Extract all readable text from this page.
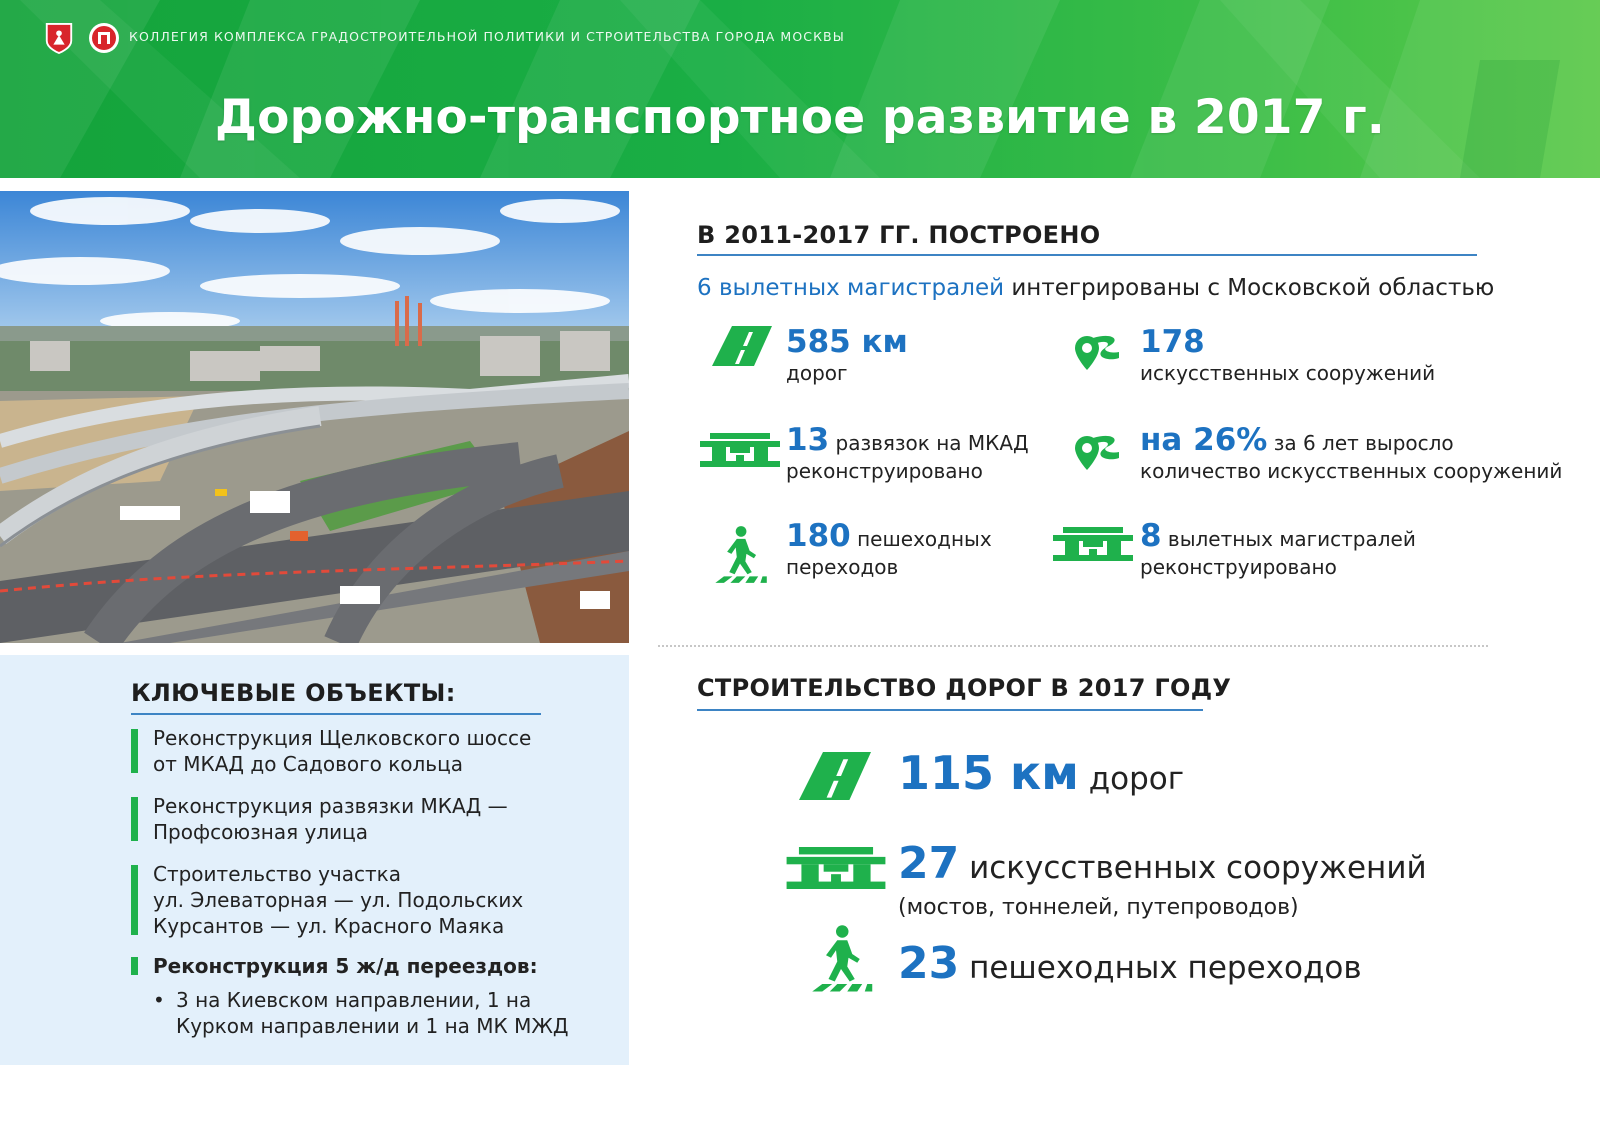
КОЛЛЕГИЯ КОМПЛЕКСА ГРАДОСТРОИТЕЛЬНОЙ ПОЛИТИКИ И СТРОИТЕЛЬСТВА ГОРОДА МОСКВЫ
Дорожно-транспортное развитие в 2017 г.
В 2011-2017 ГГ. ПОСТРОЕНО
6 вылетных магистралей интегрированы с Московской областью
585 км
дорог
178
искусственных сооружений
13 развязок на МКАД
реконструировано
на 26% за 6 лет выросло
количество искусственных сооружений
180 пешеходных
переходов
8 вылетных магистралей
реконструировано
СТРОИТЕЛЬСТВО ДОРОГ В 2017 ГОДУ
115 км дорог
27 искусственных сооружений
(мостов, тоннелей, путепроводов)
23 пешеходных переходов
КЛЮЧЕВЫЕ ОБЪЕКТЫ:
Реконструкция Щелковского шоссе
от МКАД до Садового кольца
Реконструкция развязки МКАД —
Профсоюзная улица
Строительство участка
ул. Элеваторная — ул. Подольских
Курсантов — ул. Красного Маяка
Реконструкция 5 ж/д переездов:
• 3 на Киевском направлении, 1 на
Курком направлении и 1 на МК МЖД
